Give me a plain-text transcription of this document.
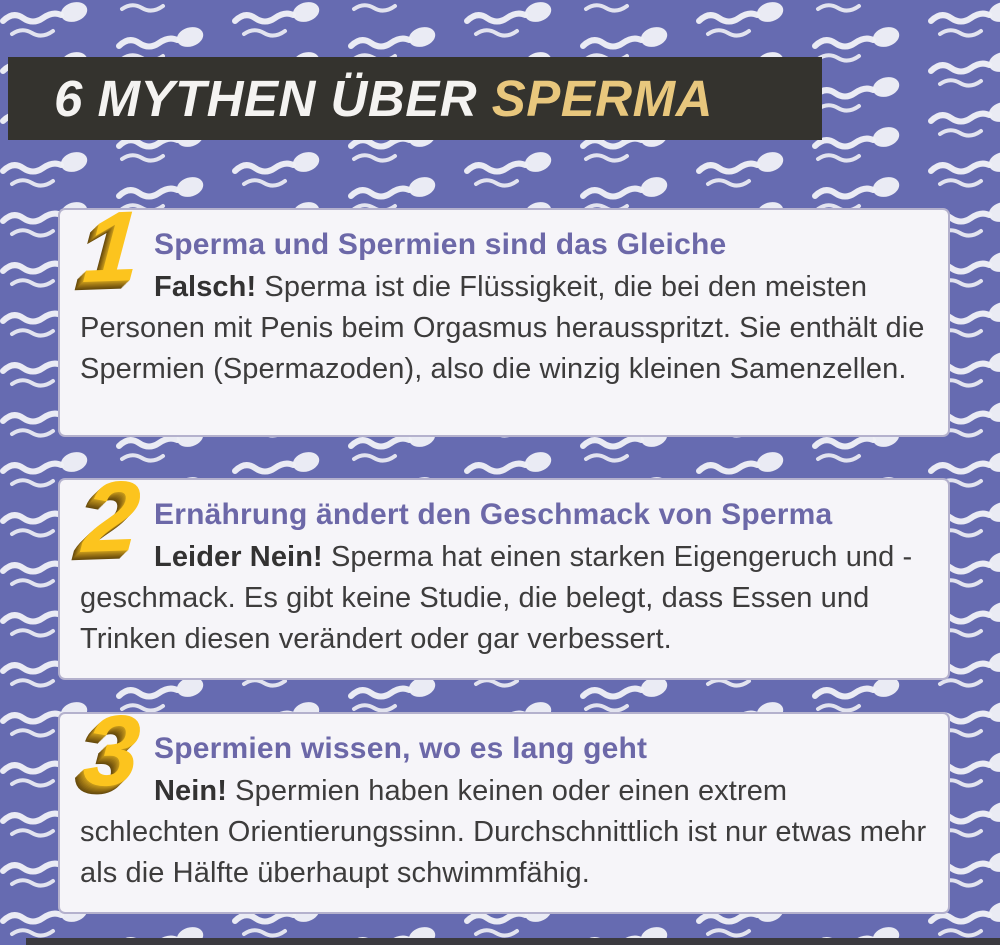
6 MYTHEN ÜBER SPERMA
1 Sperma und Spermien sind das Gleiche

Falsch! Sperma ist die Flüssigkeit, die bei den meisten Personen mit Penis beim Orgasmus herausspritzt. Sie enthält die Spermien (Spermazoden), also die winzig kleinen Samenzellen.

2 Ernährung ändert den Geschmack von Sperma

Leider Nein! Sperma hat einen starken Eigengeruch und -geschmack. Es gibt keine Studie, die belegt, dass Essen und Trinken diesen verändert oder gar verbessert.

3 Spermien wissen, wo es lang geht

Nein! Spermien haben keinen oder einen extrem schlechten Orientierungssinn. Durchschnittlich ist nur etwas mehr als die Hälfte überhaupt schwimmfähig.
